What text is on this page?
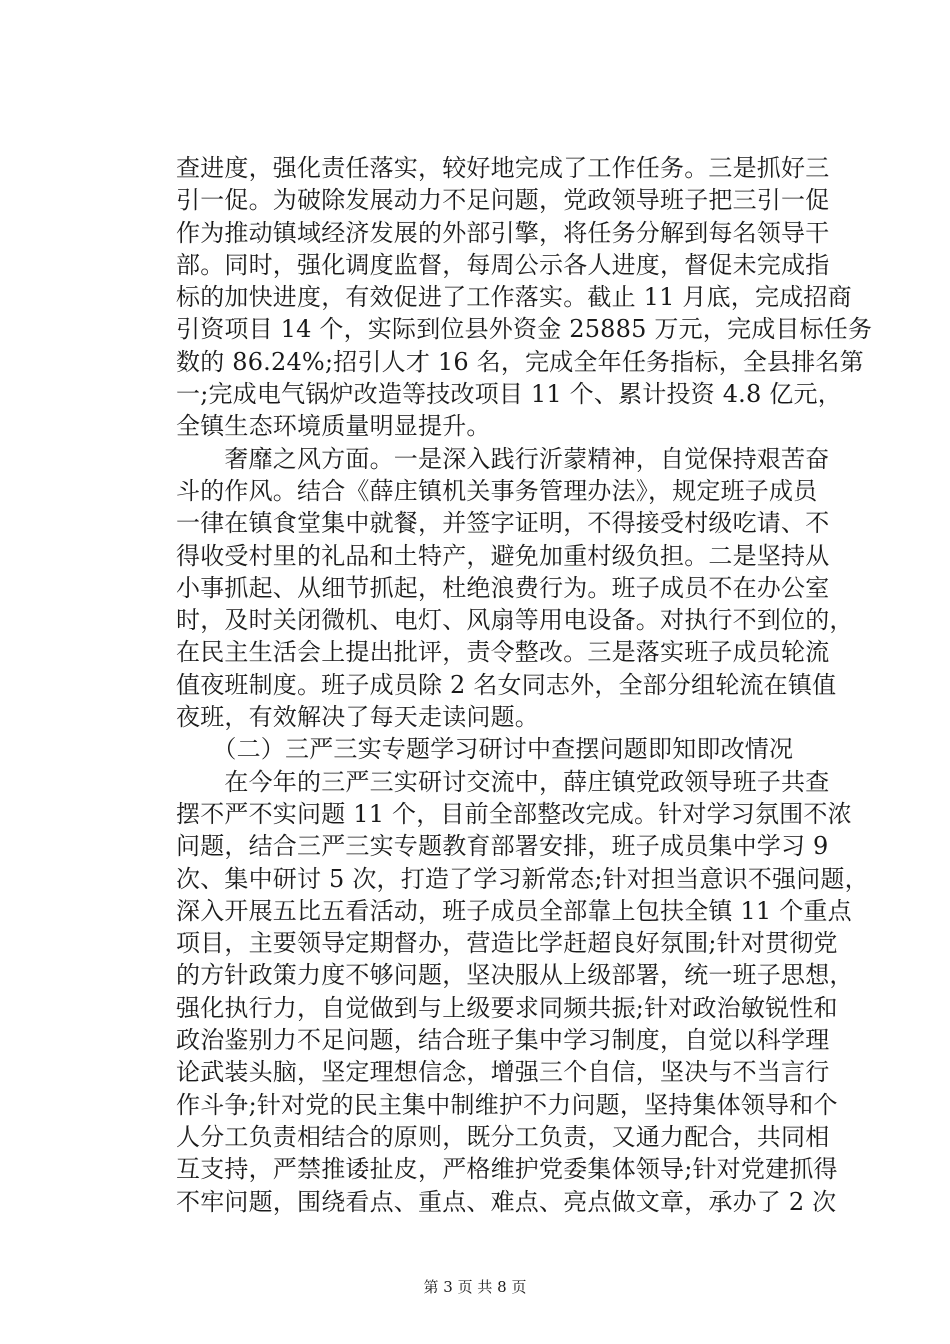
查进度，强化责任落实，较好地完成了工作任务。三是抓好三
引一促。为破除发展动力不足问题，党政领导班子把三引一促
作为推动镇域经济发展的外部引擎，将任务分解到每名领导干
部。同时，强化调度监督，每周公示各人进度，督促未完成指
标的加快进度，有效促进了工作落实。截止 11 月底，完成招商
引资项目 14 个，实际到位县外资金 25885 万元，完成目标任务
数的 86.24%;招引人才 16 名，完成全年任务指标，全县排名第
一;完成电气锅炉改造等技改项目 11 个、累计投资 4.8 亿元，
全镇生态环境质量明显提升。
　　奢靡之风方面。一是深入践行沂蒙精神，自觉保持艰苦奋
斗的作风。结合《薛庄镇机关事务管理办法》，规定班子成员
一律在镇食堂集中就餐，并签字证明，不得接受村级吃请、不
得收受村里的礼品和土特产，避免加重村级负担。二是坚持从
小事抓起、从细节抓起，杜绝浪费行为。班子成员不在办公室
时，及时关闭微机、电灯、风扇等用电设备。对执行不到位的，
在民主生活会上提出批评，责令整改。三是落实班子成员轮流
值夜班制度。班子成员除 2 名女同志外，全部分组轮流在镇值
夜班，有效解决了每天走读问题。
　　（二）三严三实专题学习研讨中查摆问题即知即改情况
　　在今年的三严三实研讨交流中，薛庄镇党政领导班子共查
摆不严不实问题 11 个，目前全部整改完成。针对学习氛围不浓
问题，结合三严三实专题教育部署安排，班子成员集中学习 9
次、集中研讨 5 次，打造了学习新常态;针对担当意识不强问题，
深入开展五比五看活动，班子成员全部靠上包扶全镇 11 个重点
项目，主要领导定期督办，营造比学赶超良好氛围;针对贯彻党
的方针政策力度不够问题，坚决服从上级部署，统一班子思想，
强化执行力，自觉做到与上级要求同频共振;针对政治敏锐性和
政治鉴别力不足问题，结合班子集中学习制度，自觉以科学理
论武装头脑，坚定理想信念，增强三个自信，坚决与不当言行
作斗争;针对党的民主集中制维护不力问题，坚持集体领导和个
人分工负责相结合的原则，既分工负责，又通力配合，共同相
互支持，严禁推诿扯皮，严格维护党委集体领导;针对党建抓得
不牢问题，围绕看点、重点、难点、亮点做文章，承办了 2 次
第 3 页 共 8 页
